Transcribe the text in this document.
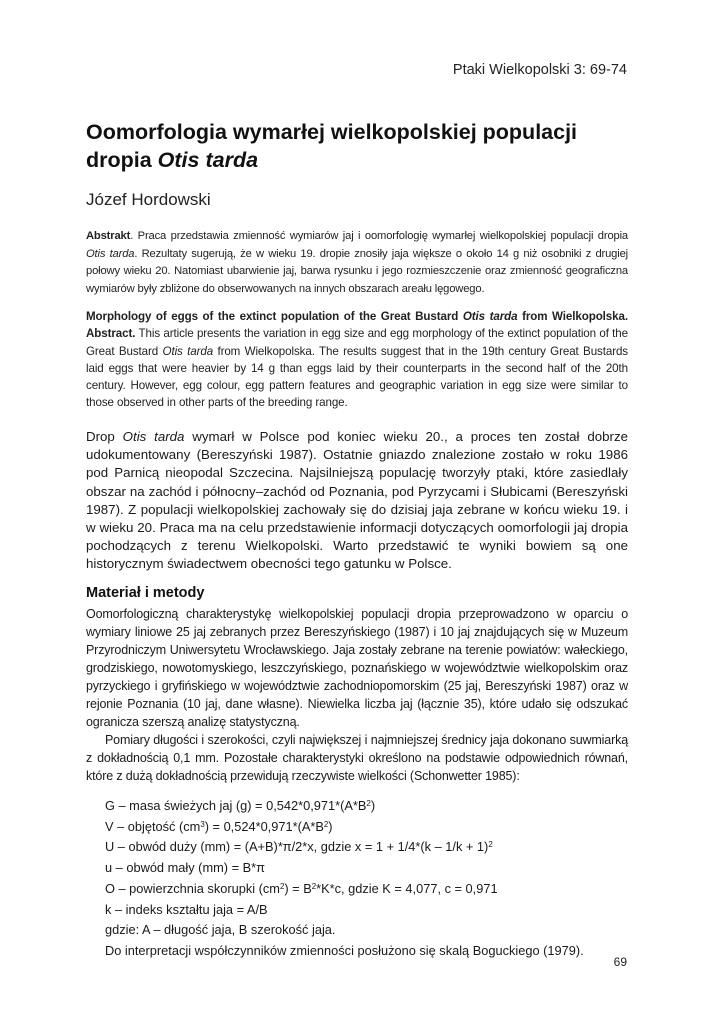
Ptaki Wielkopolski 3: 69-74
Oomorfologia wymarłej wielkopolskiej populacji dropia Otis tarda
Józef Hordowski
Abstrakt. Praca przedstawia zmienność wymiarów jaj i oomorfologię wymarłej wielkopolskiej populacji dropia Otis tarda. Rezultaty sugerują, że w wieku 19. dropie znosiły jaja większe o około 14 g niż osobniki z drugiej połowy wieku 20. Natomiast ubarwienie jaj, barwa rysunku i jego rozmieszczenie oraz zmienność geograficzna wymiarów były zbliżone do obserwowanych na innych obszarach areału lęgowego.
Morphology of eggs of the extinct population of the Great Bustard Otis tarda from Wielkopolska. Abstract. This article presents the variation in egg size and egg morphology of the extinct population of the Great Bustard Otis tarda from Wielkopolska. The results suggest that in the 19th century Great Bustards laid eggs that were heavier by 14 g than eggs laid by their counterparts in the second half of the 20th century. However, egg colour, egg pattern features and geographic variation in egg size were similar to those observed in other parts of the breeding range.
Drop Otis tarda wymarł w Polsce pod koniec wieku 20., a proces ten został dobrze udokumentowany (Bereszyński 1987). Ostatnie gniazdo znalezione zostało w roku 1986 pod Parnicą nieopodal Szczecina. Najsilniejszą populację tworzyły ptaki, które zasiedlały obszar na zachód i północny–zachód od Poznania, pod Pyrzycami i Słubicami (Bereszyński 1987). Z populacji wielkopolskiej zachowały się do dzisiaj jaja zebrane w końcu wieku 19. i w wieku 20. Praca ma na celu przedstawienie informacji dotyczących oomorfologii jaj dropia pochodzących z terenu Wielkopolski. Warto przedstawić te wyniki bowiem są one historycznym świadectwem obecności tego gatunku w Polsce.
Materiał i metody

Oomorfologiczną charakterystykę wielkopolskiej populacji dropia przeprowadzono w oparciu o wymiary liniowe 25 jaj zebranych przez Bereszyńskiego (1987) i 10 jaj znajdujących się w Muzeum Przyrodniczym Uniwersytetu Wrocławskiego. Jaja zostały zebrane na terenie powiatów: wałeckiego, grodziskiego, nowotomyskiego, leszczyńskiego, poznańskiego w województwie wielkopolskim oraz pyrzyckiego i gryfińskiego w województwie zachodniopomorskim (25 jaj, Bereszyński 1987) oraz w rejonie Poznania (10 jaj, dane własne). Niewielka liczba jaj (łącznie 35), które udało się odszukać ogranicza szerszą analizę statystyczną.

Pomiary długości i szerokości, czyli największej i najmniejszej średnicy jaja dokonano suwmiarką z dokładnością 0,1 mm. Pozostałe charakterystyki określono na podstawie odpowiednich równań, które z dużą dokładnością przewidują rzeczywiste wielkości (Schonwetter 1985):

G – masa świeżych jaj $(g) = 0,542*0,971*(A*B^2)$
V – objętość $(cm^3) = 0,524*0,971*(A*B^2)$
U – obwód duży (mm) = (A+B)*π/2*x, gdzie $x = 1 + 1/4*(k - 1/k + 1)^2$
u – obwód mały (mm) = B*π
O – powierzchnia skorupki $(cm^2) = B^2*K*c$, gdzie K = 4,077, c = 0,971
k – indeks kształtu jaja = A/B
gdzie: A – długość jaja, B szerokość jaja.
Do interpretacji współczynników zmienności posłużono się skalą Boguckiego (1979).
69
